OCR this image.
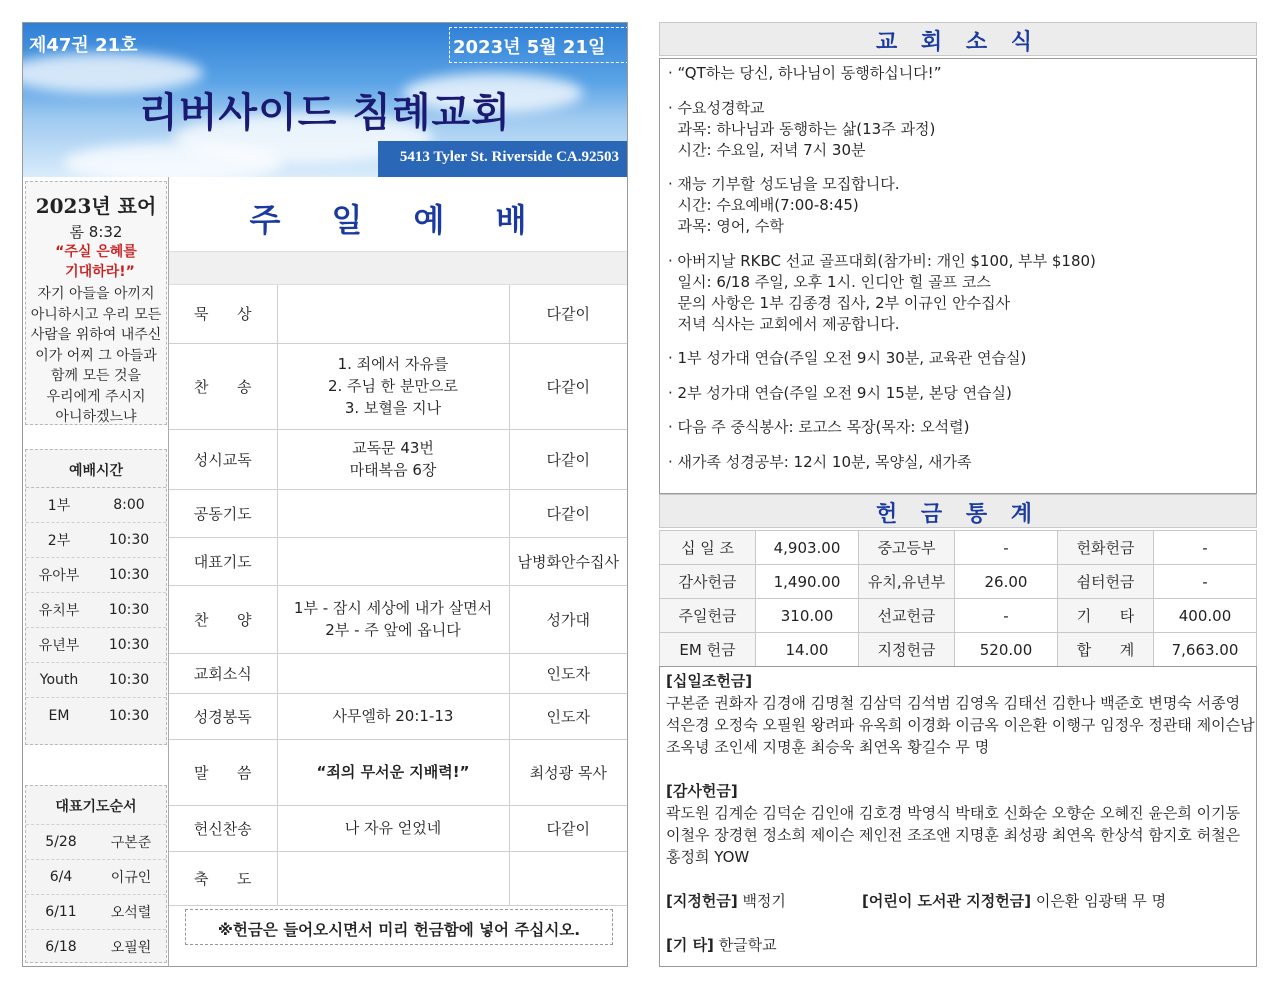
제47권 21호	2023년 5월 21일
리버사이드 침례교회
5413 Tyler St. Riverside CA.92503
2023년 표어
롬 8:32
“주실 은혜를
기대하라!”
자기 아들을 아끼지
아니하시고 우리 모든
사람을 위하여 내주신
이가 어찌 그 아들과
함께 모든 것을
우리에게 주시지
아니하겠느냐
예배시간
1부	8:00
2부	10:30
유아부	10:30
유치부	10:30
유년부	10:30
Youth	10:30
EM	10:30
대표기도순서
5/28	구본준
6/4	이규인
6/11	오석렬
6/18	오필원
주 일 예 배
묵      상		다같이
찬      송	1. 죄에서 자유를
2. 주님 한 분만으로
3. 보혈을 지나	다같이
성시교독	교독문 43번
마태복음 6장	다같이
공동기도		다같이
대표기도		남병화안수집사
찬      양	1부 - 잠시 세상에 내가 살면서
2부 - 주 앞에 옵니다	성가대
교회소식		인도자
성경봉독	사무엘하 20:1-13	인도자
말      씀	“죄의 무서운 지배력!”	최성광 목사
헌신찬송	나 자유 얻었네	다같이
축      도		
※헌금은 들어오시면서 미리 헌금함에 넣어 주십시오.
교 회 소 식
· “QT하는 당신, 하나님이 동행하십니다!”
· 수요성경학교
과목: 하나님과 동행하는 삶(13주 과정)
시간: 수요일, 저녁 7시 30분
· 재능 기부할 성도님을 모집합니다.
시간: 수요예배(7:00-8:45)
과목: 영어, 수학
· 아버지날 RKBC 선교 골프대회(참가비: 개인 $100, 부부 $180)
일시: 6/18 주일, 오후 1시. 인디안 힐 골프 코스
문의 사항은 1부 김종경 집사, 2부 이규인 안수집사
저녁 식사는 교회에서 제공합니다.
· 1부 성가대 연습(주일 오전 9시 30분, 교육관 연습실)
· 2부 성가대 연습(주일 오전 9시 15분, 본당 연습실)
· 다음 주 중식봉사: 로고스 목장(목자: 오석렬)
· 새가족 성경공부: 12시 10분, 목양실, 새가족
헌 금 통 계
십 일 조	4,903.00	중고등부	-	헌화헌금	-
감사헌금	1,490.00	유치,유년부	26.00	쉼터헌금	-
주일헌금	310.00	선교헌금	-	기      타	400.00
EM 헌금	14.00	지정헌금	520.00	합      계	7,663.00
[십일조헌금]
구본준 권화자 김경애 김명철 김삼덕 김석범 김영옥 김태선 김한나 백준호 변명숙 서종영 석은경 오정숙 오필원 왕려파 유옥희 이경화 이금옥 이은환 이행구 임정우 정관태 제이슨남 조옥녕 조인세 지명훈 최승욱 최연옥 황길수 무 명
[감사헌금]
곽도원 김계순 김덕순 김인애 김호경 박영식 박태호 신화순 오향순 오혜진 윤은희 이기동 이철우 장경현 정소희 제이슨 제인전 조조앤 지명훈 최성광 최연옥 한상석 함지호 허철은 홍정희 YOW
[지정헌금] 백정기	[어린이 도서관 지정헌금] 이은환 임광택 무 명
[기 타] 한글학교
